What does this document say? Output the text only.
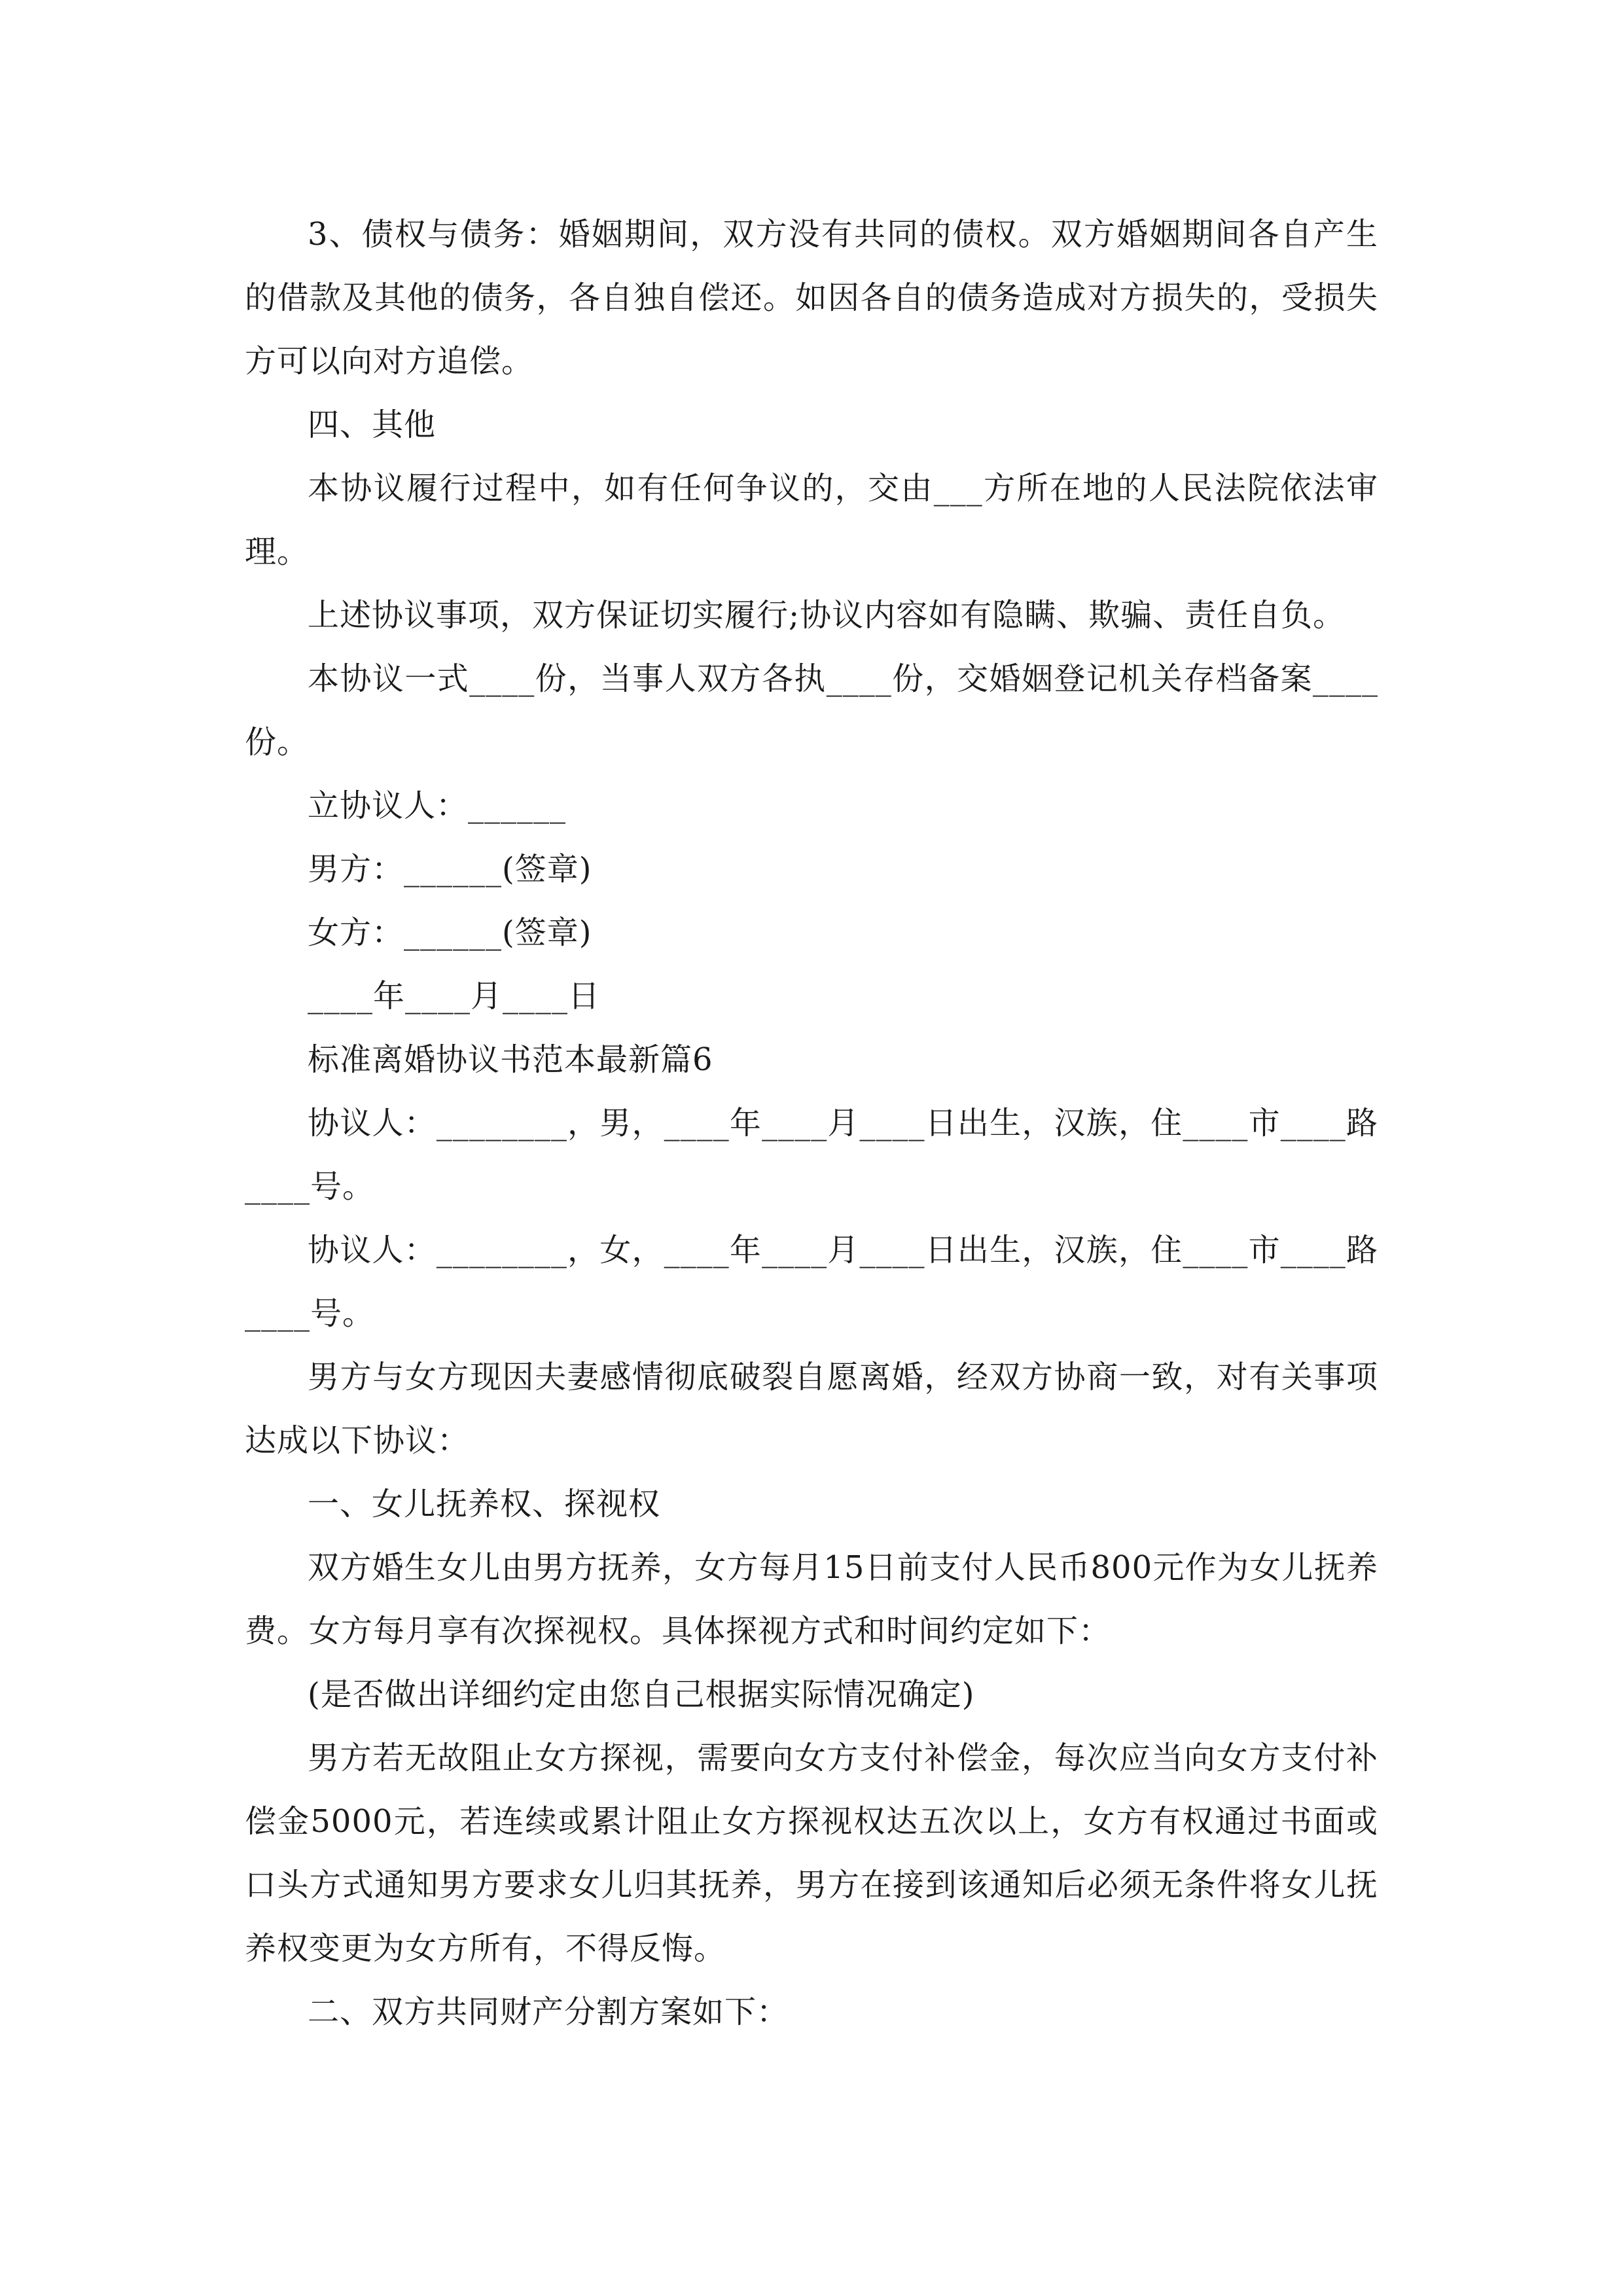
3、债权与债务：婚姻期间，双方没有共同的债权。双方婚姻期间各自产生的借款及其他的债务，各自独自偿还。如因各自的债务造成对方损失的，受损失方可以向对方追偿。

四、其他

本协议履行过程中，如有任何争议的，交由___方所在地的人民法院依法审理。

上述协议事项，双方保证切实履行;协议内容如有隐瞒、欺骗、责任自负。

本协议一式____份，当事人双方各执____份，交婚姻登记机关存档备案____份。

立协议人：______

男方：______(签章)

女方：______(签章)

____年____月____日

标准离婚协议书范本最新篇6

协议人：________，男，____年____月____日出生，汉族，住____市____路____号。

协议人：________，女，____年____月____日出生，汉族，住____市____路____号。

男方与女方现因夫妻感情彻底破裂自愿离婚，经双方协商一致，对有关事项达成以下协议：

一、女儿抚养权、探视权

双方婚生女儿由男方抚养，女方每月15日前支付人民币800元作为女儿抚养费。女方每月享有次探视权。具体探视方式和时间约定如下：

(是否做出详细约定由您自己根据实际情况确定)

男方若无故阻止女方探视，需要向女方支付补偿金，每次应当向女方支付补偿金5000元，若连续或累计阻止女方探视权达五次以上，女方有权通过书面或口头方式通知男方要求女儿归其抚养，男方在接到该通知后必须无条件将女儿抚养权变更为女方所有，不得反悔。

二、双方共同财产分割方案如下：
